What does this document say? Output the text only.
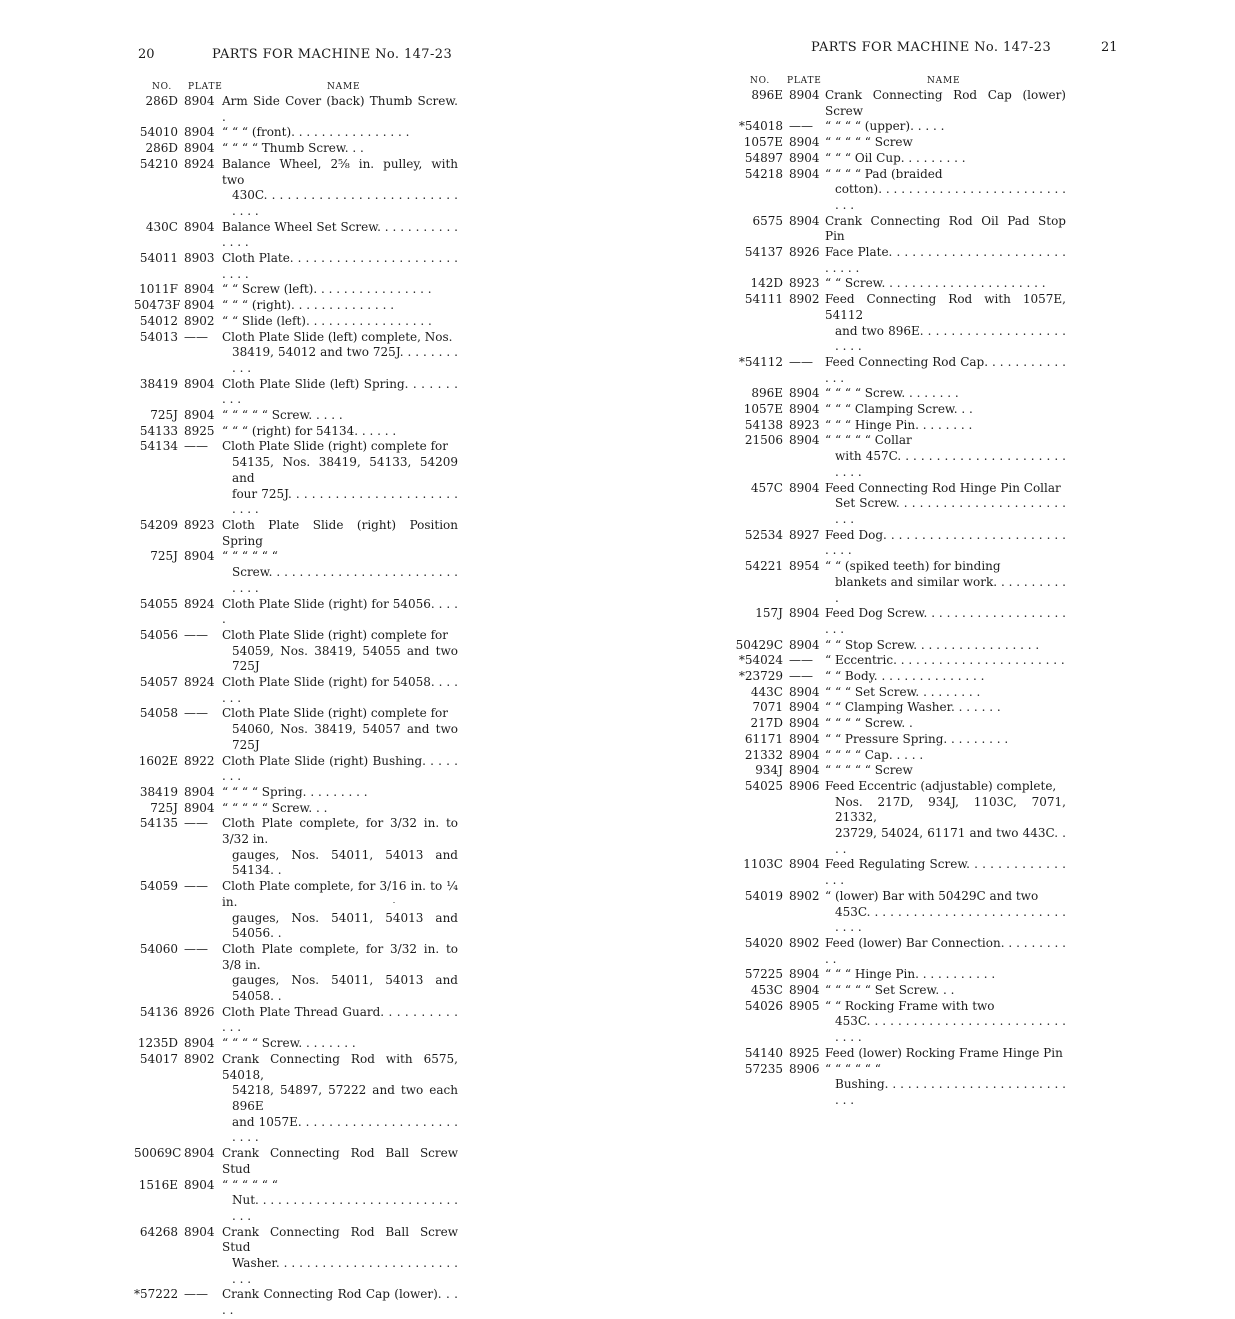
20	PARTS FOR MACHINE No. 147-23
NO. PLATE	NAME
286D 8904 Arm Side Cover (back) Thumb Screw. .
54010 8904 “ “ “ (front). . . . . . . . . . . . . . . .
286D 8904 “ “ “ “ Thumb Screw. . .
54210 8924 Balance Wheel, 2⅝ in. pulley, with two
430C. . . . . . . . . . . . . . . . . . . . . . . . . . . . .
430C 8904 Balance Wheel Set Screw. . . . . . . . . . . . . . .
54011 8903 Cloth Plate. . . . . . . . . . . . . . . . . . . . . . . . . .
1011F 8904 “ “ Screw (left). . . . . . . . . . . . . . . .
50473F 8904 “ “ “ (right). . . . . . . . . . . . . .
54012 8902 “ “ Slide (left). . . . . . . . . . . . . . . . .
54013 ——	Cloth Plate Slide (left) complete, Nos.
38419, 54012 and two 725J. . . . . . . . . . .
38419 8904 Cloth Plate Slide (left) Spring. . . . . . . . . .
725J 8904 “ “ “ “ “ Screw. . . . .
54133 8925 “ “ “ (right) for 54134. . . . . .
54134 ——	Cloth Plate Slide (right) complete for
54135, Nos. 38419, 54133, 54209 and
four 725J. . . . . . . . . . . . . . . . . . . . . . . . . .
54209 8923 Cloth Plate Slide (right) Position Spring
725J 8904 “ “ “ “ “ “
Screw. . . . . . . . . . . . . . . . . . . . . . . . . . . . .
54055 8924 Cloth Plate Slide (right) for 54056. . . . .
54056 ——	Cloth Plate Slide (right) complete for
54059, Nos. 38419, 54055 and two 725J
54057 8924 Cloth Plate Slide (right) for 54058. . . . . . .
54058 ——	Cloth Plate Slide (right) complete for
54060, Nos. 38419, 54057 and two 725J
1602E 8922 Cloth Plate Slide (right) Bushing. . . . . . . .
38419 8904 “ “ “ “ Spring. . . . . . . . .
725J 8904 “ “ “ “ “ Screw. . .
54135 ——	Cloth Plate complete, for 3/32 in. to 3/32 in.
gauges, Nos. 54011, 54013 and 54134. .
54059 ——	Cloth Plate complete, for 3/16 in. to ¼ in.
gauges, Nos. 54011, 54013 and 54056. .
54060 ——	Cloth Plate complete, for 3/32 in. to 3/8 in.
gauges, Nos. 54011, 54013 and 54058. .
54136 8926 Cloth Plate Thread Guard. . . . . . . . . . . . .
1235D 8904 “ “ “ “ Screw. . . . . . . .
54017 8902 Crank Connecting Rod with 6575, 54018,
54218, 54897, 57222 and two each 896E
and 1057E. . . . . . . . . . . . . . . . . . . . . . . . .
50069C 8904 Crank Connecting Rod Ball Screw Stud
1516E 8904 “ “ “ “ “ “
Nut. . . . . . . . . . . . . . . . . . . . . . . . . . . . . .
64268 8904 Crank Connecting Rod Ball Screw Stud
Washer. . . . . . . . . . . . . . . . . . . . . . . . . . .
*57222 ——	Crank Connecting Rod Cap (lower). . . . .
PARTS FOR MACHINE No. 147-23	21
NO. PLATE	NAME
896E 8904 Crank Connecting Rod Cap (lower) Screw
*54018 ——	“ “ “ “ (upper). . . . .
1057E 8904 “ “ “ “ “ Screw
54897 8904 “ “ “ Oil Cup. . . . . . . . .
54218 8904 “ “ “ “ Pad (braided
cotton). . . . . . . . . . . . . . . . . . . . . . . . . . . .
6575 8904 Crank Connecting Rod Oil Pad Stop Pin
54137 8926 Face Plate. . . . . . . . . . . . . . . . . . . . . . . . . . . .
142D 8923 “ “ Screw. . . . . . . . . . . . . . . . . . . . . .
54111 8902 Feed Connecting Rod with 1057E, 54112
and two 896E. . . . . . . . . . . . . . . . . . . . . . .
*54112 ——	Feed Connecting Rod Cap. . . . . . . . . . . . . .
896E 8904 “ “ “ “ Screw. . . . . . . .
1057E 8904 “ “ “ Clamping Screw. . .
54138 8923 “ “ “ Hinge Pin. . . . . . . .
21506 8904 “ “ “ “ “ Collar
with 457C. . . . . . . . . . . . . . . . . . . . . . . . . .
457C 8904 Feed Connecting Rod Hinge Pin Collar
Set Screw. . . . . . . . . . . . . . . . . . . . . . . . .
52534 8927 Feed Dog. . . . . . . . . . . . . . . . . . . . . . . . . . . .
54221 8954 “ “ (spiked teeth) for binding
blankets and similar work. . . . . . . . . . .
157J 8904 Feed Dog Screw. . . . . . . . . . . . . . . . . . . . . .
50429C 8904 “ “ Stop Screw. . . . . . . . . . . . . . . . .
*54024 ——	“ Eccentric. . . . . . . . . . . . . . . . . . . . . . .
*23729 ——	“ “ Body. . . . . . . . . . . . . . .
443C 8904 “ “ “ Set Screw. . . . . . . . .
7071 8904 “ “ Clamping Washer. . . . . . .
217D 8904 “ “ “ “ Screw. .
61171 8904 “ “ Pressure Spring. . . . . . . . .
21332 8904 “ “ “ “ Cap. . . . .
934J 8904 “ “ “ “ “ Screw
54025 8906 Feed Eccentric (adjustable) complete,
Nos. 217D, 934J, 1103C, 7071, 21332,
23729, 54024, 61171 and two 443C. . . .
1103C 8904 Feed Regulating Screw. . . . . . . . . . . . . . . .
54019 8902 “ (lower) Bar with 50429C and two
453C. . . . . . . . . . . . . . . . . . . . . . . . . . . . . .
54020 8902 Feed (lower) Bar Connection. . . . . . . . . . .
57225 8904 “ “ “ Hinge Pin. . . . . . . . . . .
453C 8904 “ “ “ “ “ Set Screw. . .
54026 8905 “ “ Rocking Frame with two
453C. . . . . . . . . . . . . . . . . . . . . . . . . . . . . .
54140 8925 Feed (lower) Rocking Frame Hinge Pin
57235 8906 “ “ “ “ “ “
Bushing. . . . . . . . . . . . . . . . . . . . . . . . . . .
